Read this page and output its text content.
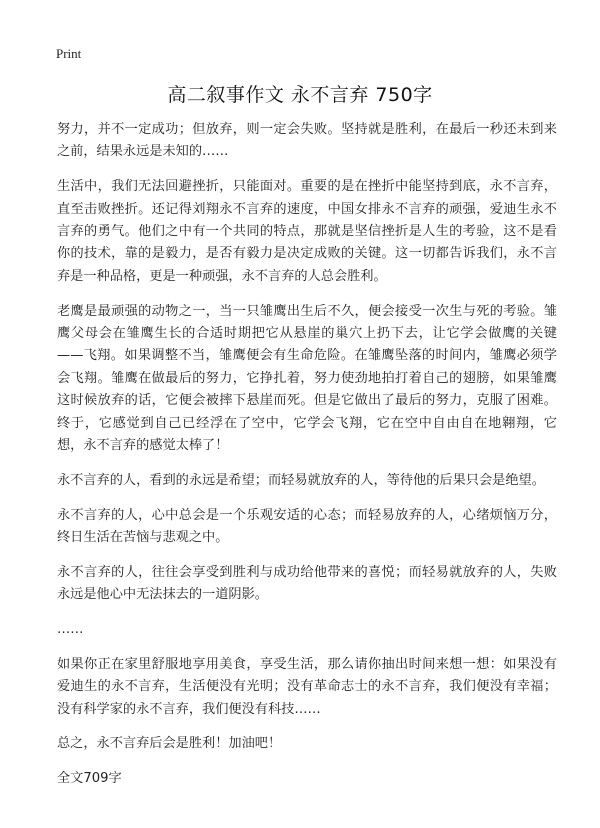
Print
高二叙事作文 永不言弃 750字

努力，并不一定成功；但放弃，则一定会失败。坚持就是胜利，在最后一秒还未到来之前，结果永远是未知的……

生活中，我们无法回避挫折，只能面对。重要的是在挫折中能坚持到底，永不言弃，直至击败挫折。还记得刘翔永不言弃的速度，中国女排永不言弃的顽强，爱迪生永不言弃的勇气。他们之中有一个共同的特点，那就是坚信挫折是人生的考验，这不是看你的技术，靠的是毅力，是否有毅力是决定成败的关键。这一切都告诉我们，永不言弃是一种品格，更是一种顽强，永不言弃的人总会胜利。

老鹰是最顽强的动物之一，当一只雏鹰出生后不久，便会接受一次生与死的考验。雏鹰父母会在雏鹰生长的合适时期把它从悬崖的巢穴上扔下去，让它学会做鹰的关键——飞翔。如果调整不当，雏鹰便会有生命危险。在雏鹰坠落的时间内，雏鹰必须学会飞翔。雏鹰在做最后的努力，它挣扎着，努力使劲地拍打着自己的翅膀，如果雏鹰这时候放弃的话，它便会被摔下悬崖而死。但是它做出了最后的努力，克服了困难。终于，它感觉到自己已经浮在了空中，它学会飞翔，它在空中自由自在地翱翔，它想，永不言弃的感觉太棒了！

永不言弃的人，看到的永远是希望；而轻易就放弃的人，等待他的后果只会是绝望。

永不言弃的人，心中总会是一个乐观安适的心态；而轻易放弃的人，心绪烦恼万分，终日生活在苦恼与悲观之中。

永不言弃的人，往往会享受到胜利与成功给他带来的喜悦；而轻易就放弃的人，失败永远是他心中无法抹去的一道阴影。

……

如果你正在家里舒服地享用美食，享受生活，那么请你抽出时间来想一想：如果没有爱迪生的永不言弃，生活便没有光明；没有革命志士的永不言弃，我们便没有幸福；没有科学家的永不言弃，我们便没有科技……

总之，永不言弃后会是胜利！加油吧！

全文709字
